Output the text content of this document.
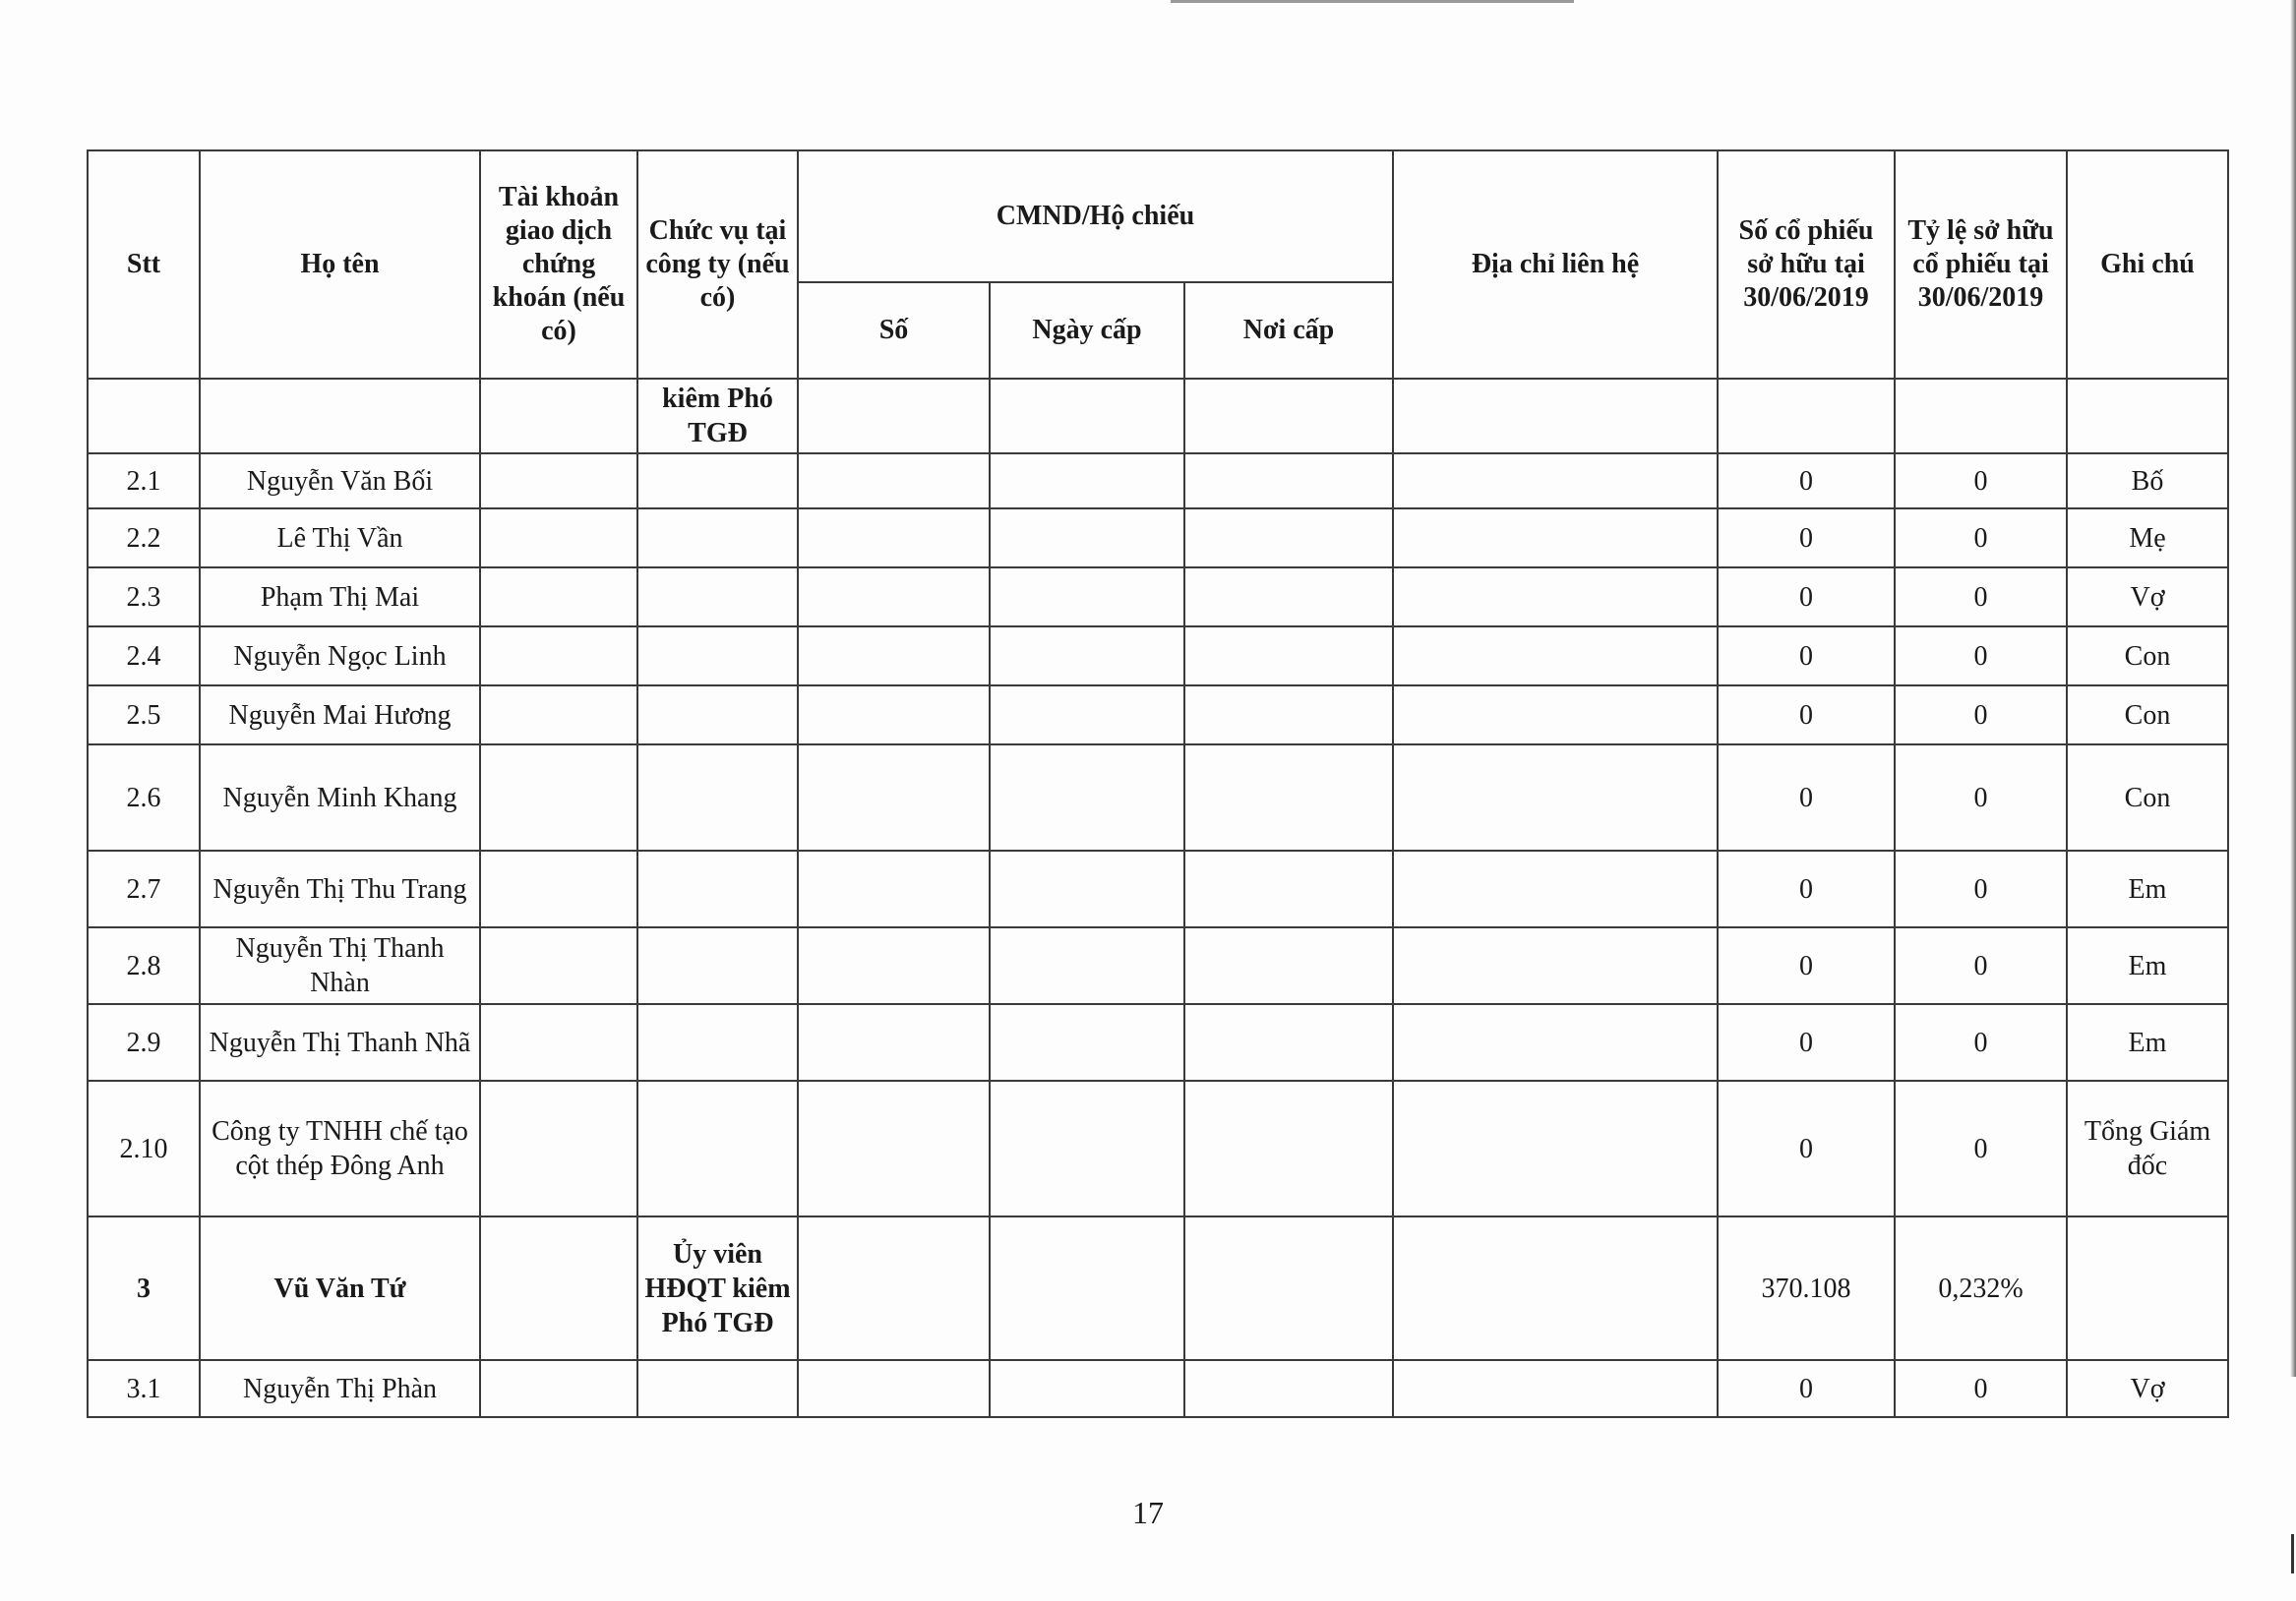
Stt	Họ tên	Tài khoản giao dịch chứng khoán (nếu có)	Chức vụ tại công ty (nếu có)	CMND/Hộ chiếu			Địa chỉ liên hệ	Số cổ phiếu sở hữu tại 30/06/2019	Tỷ lệ sở hữu cổ phiếu tại 30/06/2019	Ghi chú
				Số	Ngày cấp	Nơi cấp				
			kiêm Phó TGĐ							
2.1	Nguyễn Văn Bối							0	0	Bố
2.2	Lê Thị Vần							0	0	Mẹ
2.3	Phạm Thị Mai							0	0	Vợ
2.4	Nguyễn Ngọc Linh							0	0	Con
2.5	Nguyễn Mai Hương							0	0	Con
2.6	Nguyễn Minh Khang							0	0	Con
2.7	Nguyễn Thị Thu Trang							0	0	Em
2.8	Nguyễn Thị Thanh Nhàn							0	0	Em
2.9	Nguyễn Thị Thanh Nhã							0	0	Em
2.10	Công ty TNHH chế tạo cột thép Đông Anh							0	0	Tổng Giám đốc
3	Vũ Văn Tứ		Ủy viên HĐQT kiêm Phó TGĐ					370.108	0,232%	
3.1	Nguyễn Thị Phàn							0	0	Vợ
17
